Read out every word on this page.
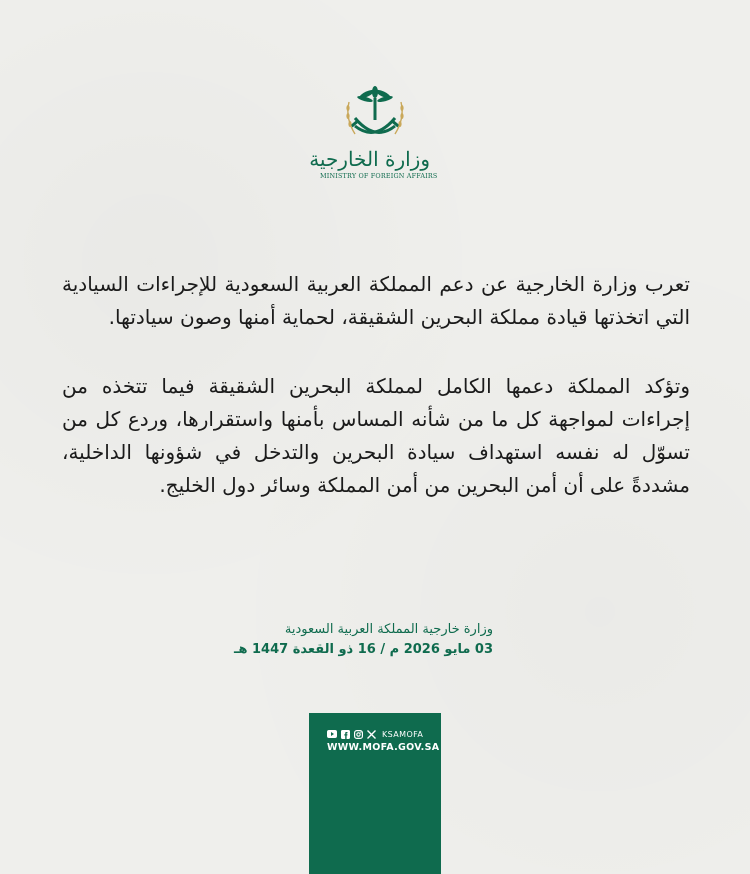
وزارة الخارجية
MINISTRY OF FOREIGN AFFAIRS

تعرب وزارة الخارجية عن دعم المملكة العربية السعودية للإجراءات السيادية التي اتخذتها قيادة مملكة البحرين الشقيقة، لحماية أمنها وصون سيادتها.

وتؤكد المملكة دعمها الكامل لمملكة البحرين الشقيقة فيما تتخذه من إجراءات لمواجهة كل ما من شأنه المساس بأمنها واستقرارها، وردع كل من تسوّل له نفسه استهداف سيادة البحرين والتدخل في شؤونها الداخلية، مشددةً على أن أمن البحرين من أمن المملكة وسائر دول الخليج.

وزارة خارجية المملكة العربية السعودية
03 مايو 2026 م / 16 ذو القعدة 1447 هـ
KSAMOFA
WWW.MOFA.GOV.SA
